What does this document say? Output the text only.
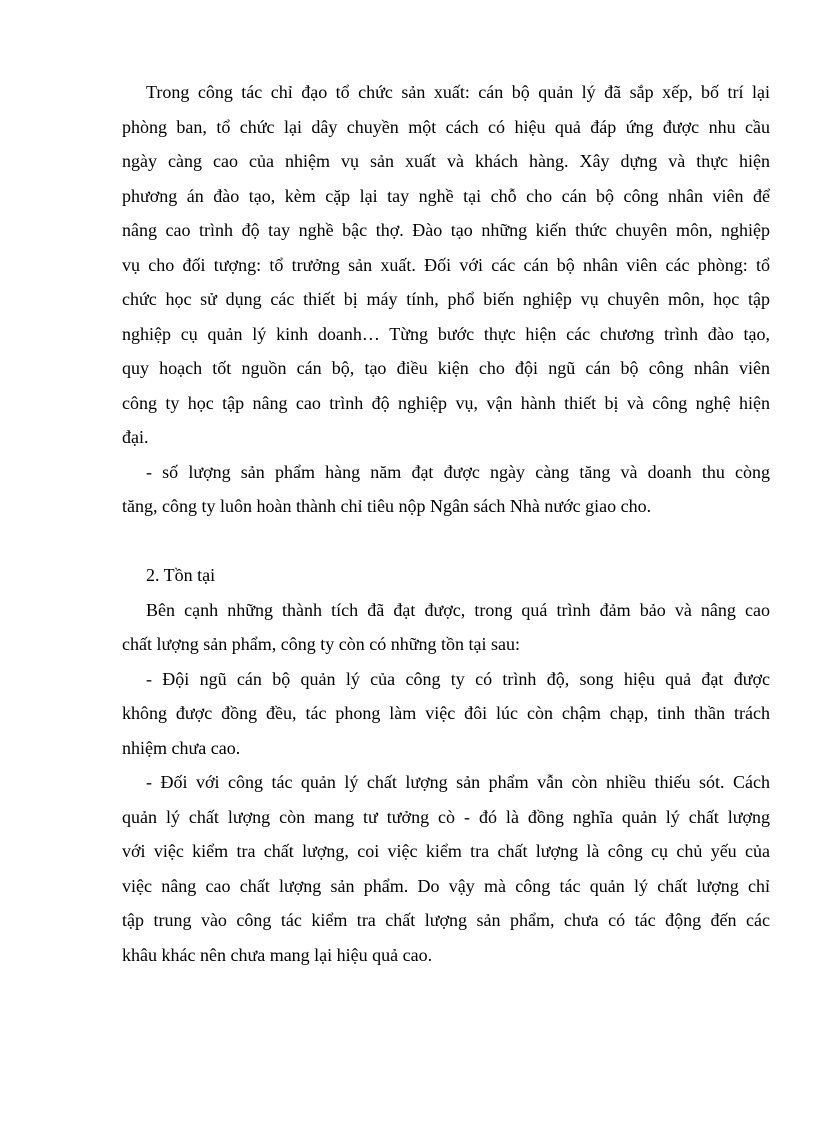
Trong công tác chỉ đạo tổ chức sản xuất: cán bộ quản lý đã sắp xếp, bố trí lại
phòng ban, tổ chức lại dây chuyền một cách có hiệu quả đáp ứng được nhu cầu
ngày càng cao của nhiệm vụ sản xuất và khách hàng. Xây dựng và thực hiện
phương án đào tạo, kèm cặp lại tay nghề tại chỗ cho cán bộ công nhân viên để
nâng cao trình độ tay nghề bậc thợ. Đào tạo những kiến thức chuyên môn, nghiệp
vụ cho đối tượng: tổ trưởng sản xuất. Đối với các cán bộ nhân viên các phòng: tổ
chức học sử dụng các thiết bị máy tính, phổ biến nghiệp vụ chuyên môn, học tập
nghiệp cụ quản lý kinh doanh… Từng bước thực hiện các chương trình đào tạo,
quy hoạch tốt nguồn cán bộ, tạo điều kiện cho đội ngũ cán bộ công nhân viên
công ty học tập nâng cao trình độ nghiệp vụ, vận hành thiết bị và công nghệ hiện
đại.
- số lượng sản phẩm hàng năm đạt được ngày càng tăng và doanh thu còng
tăng, công ty luôn hoàn thành chỉ tiêu nộp Ngân sách Nhà nước giao cho.
2. Tồn tại
Bên cạnh những thành tích đã đạt được, trong quá trình đảm bảo và nâng cao
chất lượng sản phẩm, công ty còn có những tồn tại sau:
- Đội ngũ cán bộ quản lý của công ty có trình độ, song hiệu quả đạt được
không được đồng đều, tác phong làm việc đôi lúc còn chậm chạp, tinh thần trách
nhiệm chưa cao.
- Đối với công tác quản lý chất lượng sản phẩm vẫn còn nhiều thiếu sót. Cách
quản lý chất lượng còn mang tư tưởng cò - đó là đồng nghĩa quản lý chất lượng
với việc kiểm tra chất lượng, coi việc kiểm tra chất lượng là công cụ chủ yếu của
việc nâng cao chất lượng sản phẩm. Do vậy mà công tác quản lý chất lượng chỉ
tập trung vào công tác kiểm tra chất lượng sản phẩm, chưa có tác động đến các
khâu khác nên chưa mang lại hiệu quả cao.
